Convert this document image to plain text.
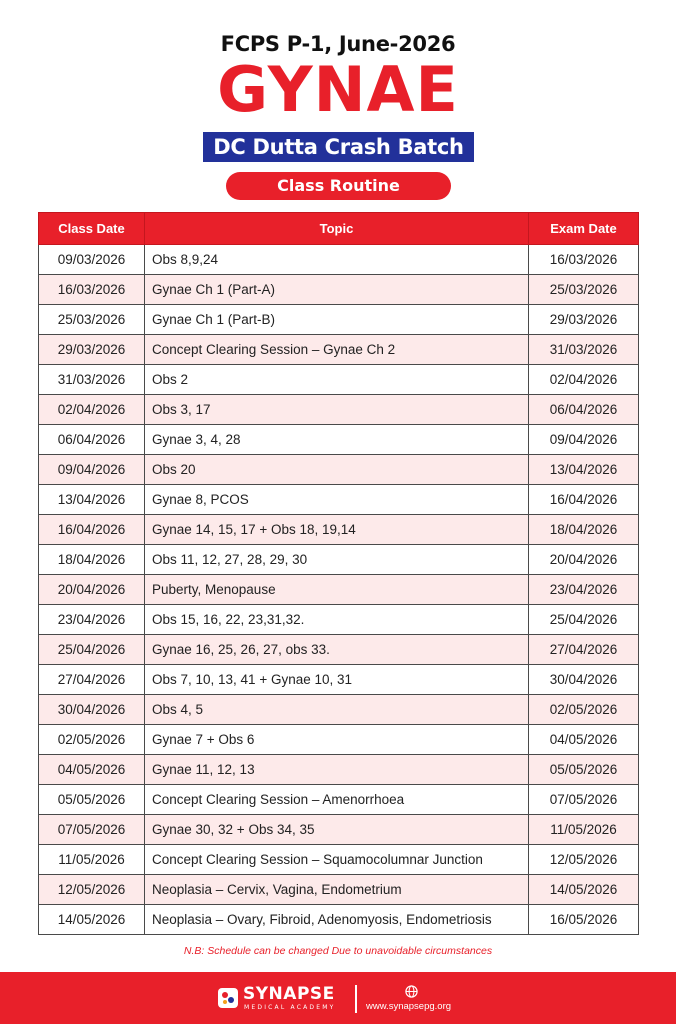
FCPS P-1, June-2026
GYNAE
DC Dutta Crash Batch
Class Routine
Class Date	Topic	Exam Date
09/03/2026	Obs 8,9,24	16/03/2026
16/03/2026	Gynae Ch 1 (Part-A)	25/03/2026
25/03/2026	Gynae Ch 1 (Part-B)	29/03/2026
29/03/2026	Concept Clearing Session – Gynae Ch 2	31/03/2026
31/03/2026	Obs 2	02/04/2026
02/04/2026	Obs 3, 17	06/04/2026
06/04/2026	Gynae 3, 4, 28	09/04/2026
09/04/2026	Obs 20	13/04/2026
13/04/2026	Gynae 8, PCOS	16/04/2026
16/04/2026	Gynae 14, 15, 17 + Obs 18, 19,14	18/04/2026
18/04/2026	Obs 11, 12, 27, 28, 29, 30	20/04/2026
20/04/2026	Puberty, Menopause	23/04/2026
23/04/2026	Obs 15, 16, 22, 23,31,32.	25/04/2026
25/04/2026	Gynae 16, 25, 26, 27, obs 33.	27/04/2026
27/04/2026	Obs 7, 10, 13, 41 + Gynae 10, 31	30/04/2026
30/04/2026	Obs 4, 5	02/05/2026
02/05/2026	Gynae 7 + Obs 6	04/05/2026
04/05/2026	Gynae 11, 12, 13	05/05/2026
05/05/2026	Concept Clearing Session – Amenorrhoea	07/05/2026
07/05/2026	Gynae 30, 32 + Obs 34, 35	11/05/2026
11/05/2026	Concept Clearing Session – Squamocolumnar Junction	12/05/2026
12/05/2026	Neoplasia – Cervix, Vagina, Endometrium	14/05/2026
14/05/2026	Neoplasia – Ovary, Fibroid, Adenomyosis, Endometriosis	16/05/2026
N.B: Schedule can be changed Due to unavoidable circumstances
SYNAPSE
MEDICAL ACADEMY	www.synapsepg.org
